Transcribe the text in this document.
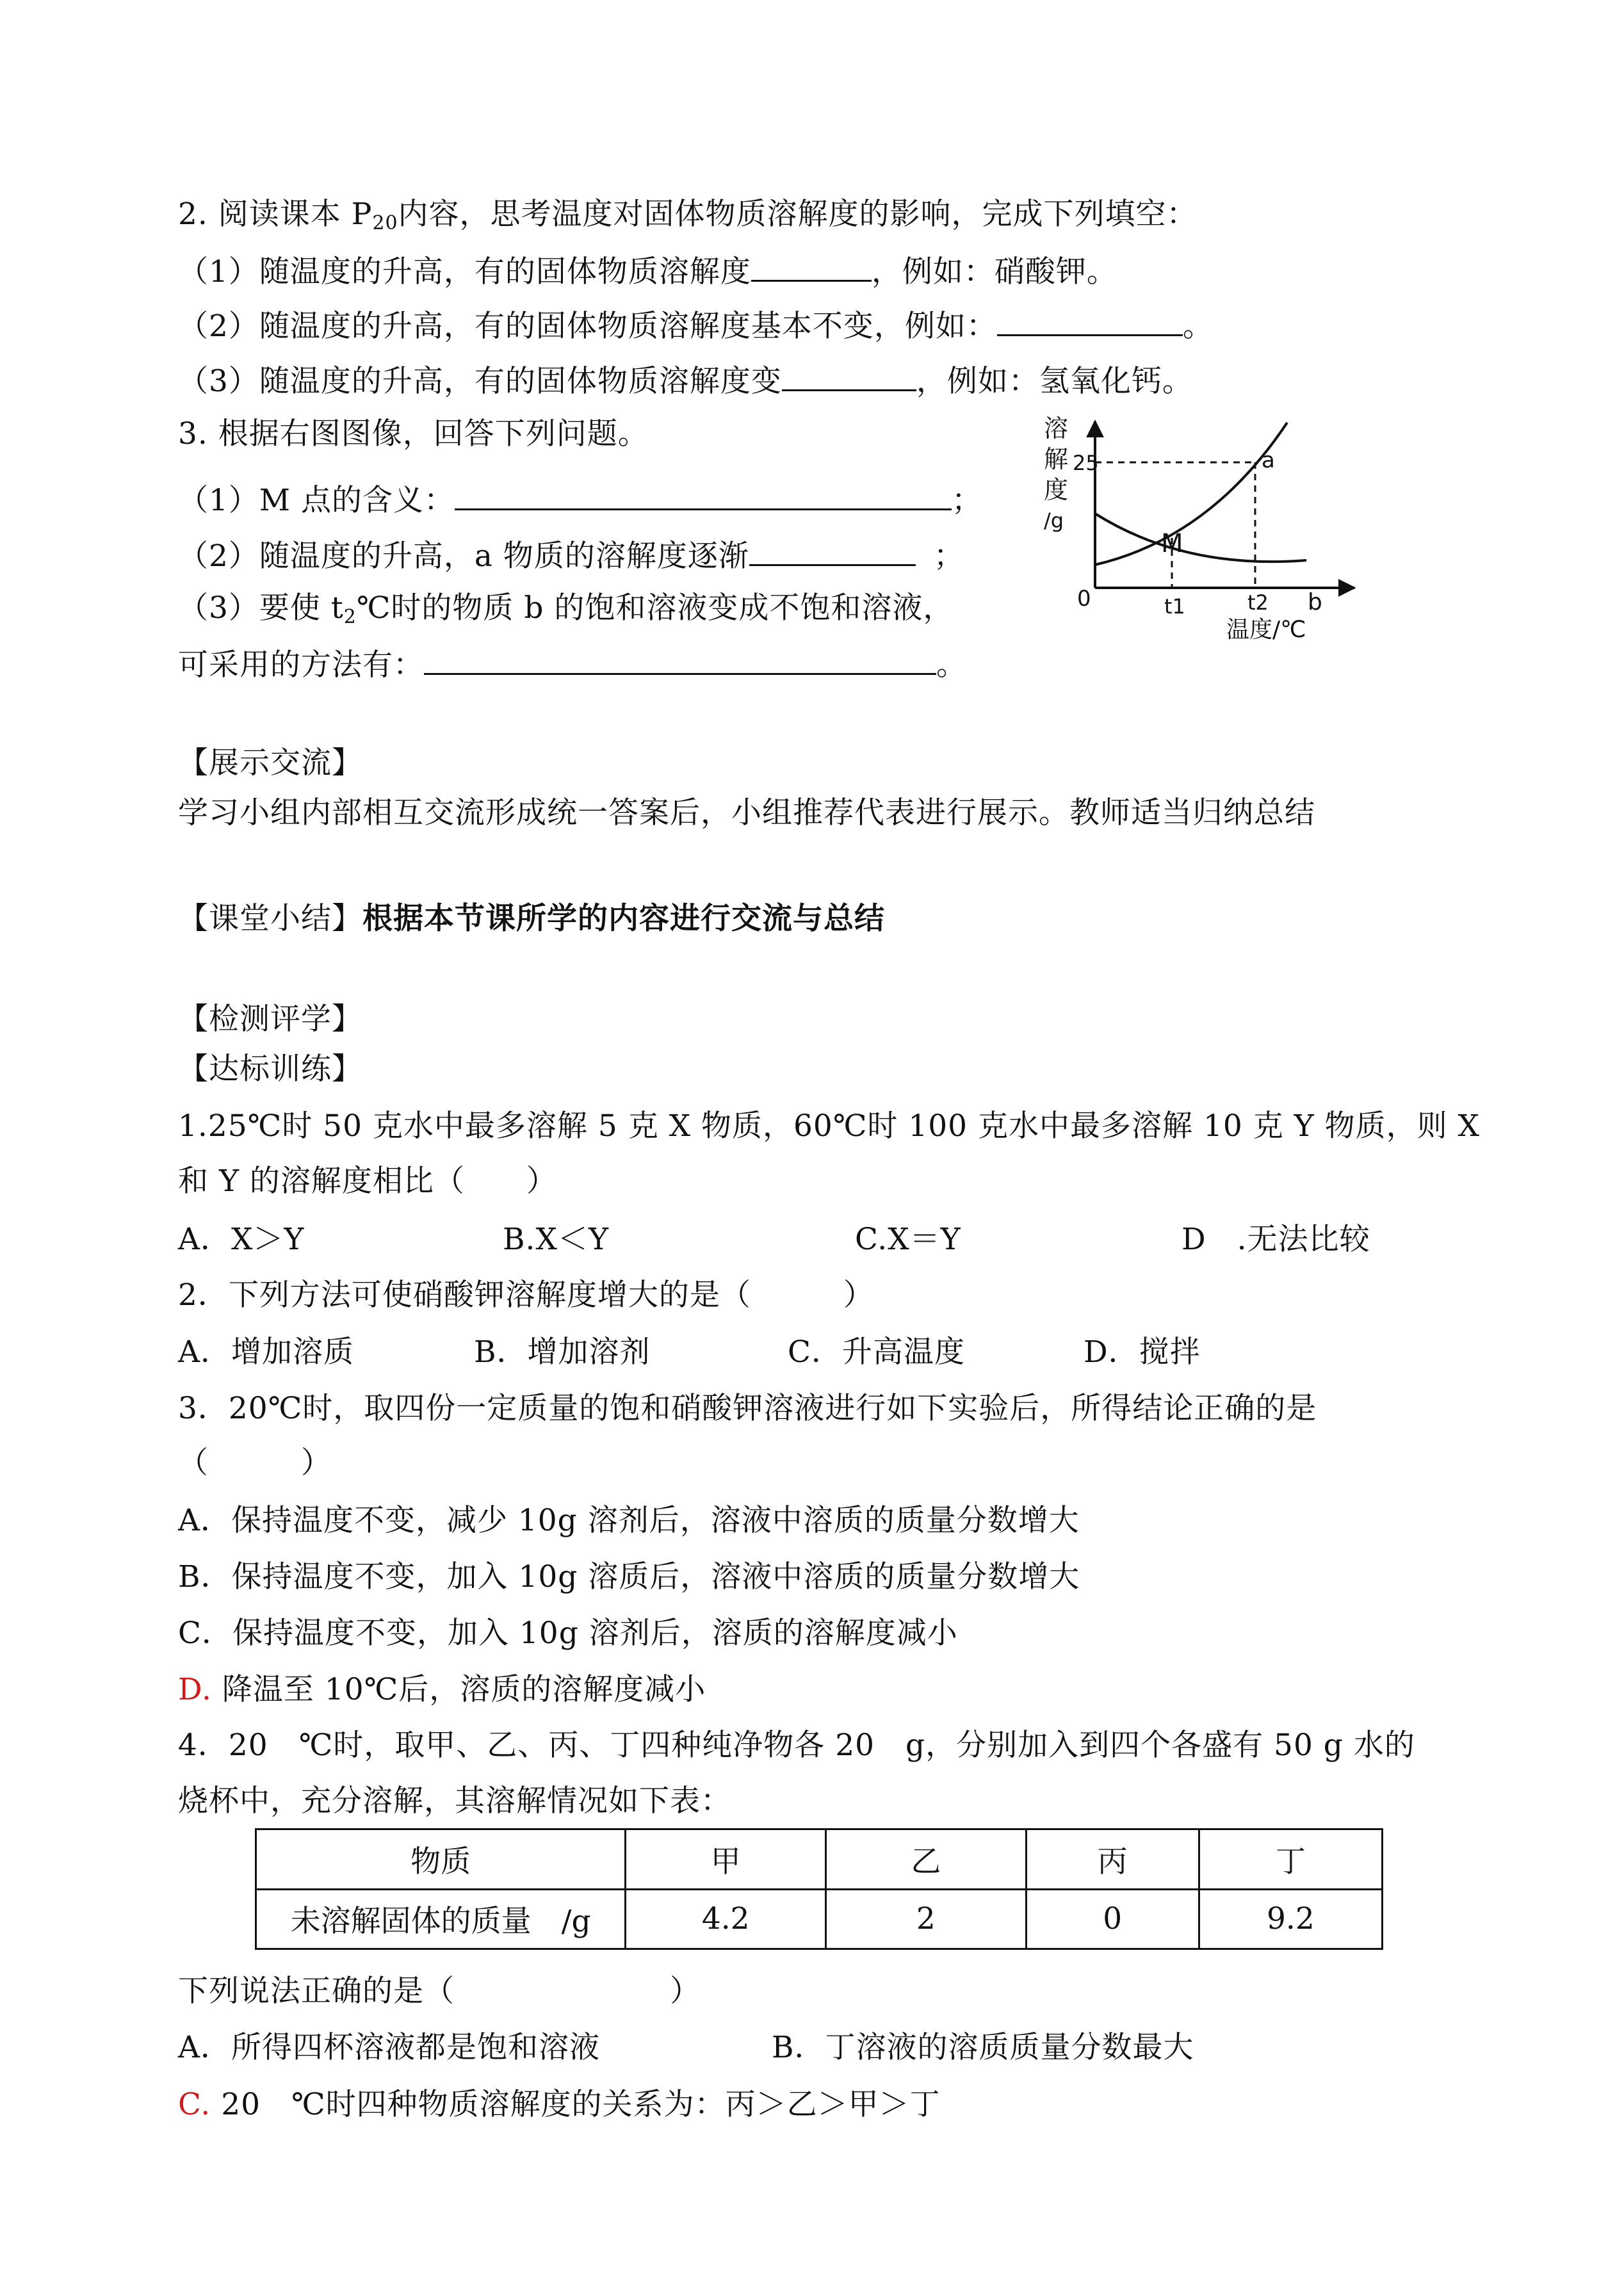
2. 阅读课本 $P_{20}$内容，思考温度对固体物质溶解度的影响，完成下列填空：
（1）随温度的升高，有的固体物质溶解度	，例如：硝酸钾。
（2）随温度的升高，有的固体物质溶解度基本不变，例如：	。
（3）随温度的升高，有的固体物质溶解度变	，例如：氢氧化钙。
3. 根据右图图像，回答下列问题。
（1）M 点的含义：	；
（2）随温度的升高，a 物质的溶解度逐渐	；
（3）要使 $t_2℃$时的物质 b 的饱和溶液变成不饱和溶液，
可采用的方法有：	。
溶
解
度
/g
25	a
M
0	t1	t2 b
温度/℃
【展示交流】
学习小组内部相互交流形成统一答案后，小组推荐代表进行展示。教师适当归纳总结
【课堂小结】根据本节课所学的内容进行交流与总结
【检测评学】
【达标训练】
1.25℃时 50 克水中最多溶解 5 克 X 物质，60℃时 100 克水中最多溶解 10 克 Y 物质，则 X
和 Y 的溶解度相比（　　）
A．X＞Y	B.X＜Y	C.X＝Y	D　.无法比较
2．下列方法可使硝酸钾溶解度增大的是（　　　）
A．增加溶质	B．增加溶剂	C．升高温度	D．搅拌
3．20℃时，取四份一定质量的饱和硝酸钾溶液进行如下实验后，所得结论正确的是
（　　　）
A．保持温度不变，减少 10g 溶剂后，溶液中溶质的质量分数增大
B．保持温度不变，加入 10g 溶质后，溶液中溶质的质量分数增大
C．保持温度不变，加入 10g 溶剂后，溶质的溶解度减小
D. 降温至 10℃后，溶质的溶解度减小
4．20　℃时，取甲、乙、丙、丁四种纯净物各 20　g，分别加入到四个各盛有 50 g 水的
烧杯中，充分溶解，其溶解情况如下表：
物质	甲	乙	丙	丁
未溶解固体的质量　/g	4.2	2	0	9.2
下列说法正确的是（　　　　　　　）
A．所得四杯溶液都是饱和溶液	B．丁溶液的溶质质量分数最大
C. 20　℃时四种物质溶解度的关系为：丙＞乙＞甲＞丁
